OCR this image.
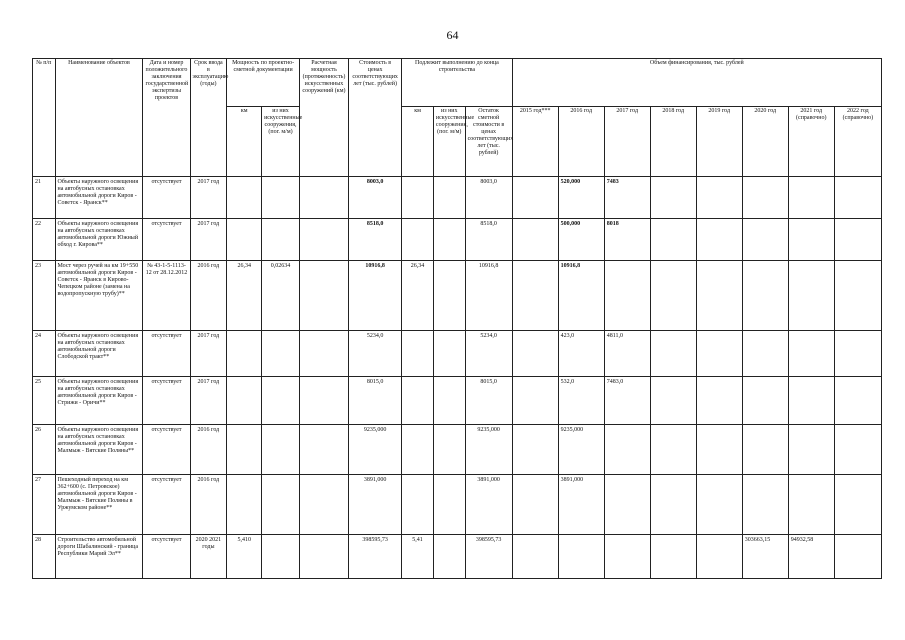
64
№ п/п	Наименование объектов	Дата и номер положительного заключения государственной экспертизы проектов	Срок ввода в эксплуатацию (годы)	Мощность по проектно-сметной документации		Расчетная мощность (протяженность) искусственных сооружений (км)	Стоимость в ценах соответствующих лет (тыс. рублей)	Подлежит выполнению до конца строительства			Объем финансирования, тыс. рублей							
				км	из них искусственные сооружения, (пог. м/м)			км	из них искусственные сооружения, (пог. м/м)	Остаток сметной стоимости в ценах соответствующих лет (тыс. рублей)	2015 год***	2016 год	2017 год	2018 год	2019 год	2020 год	2021 год (справочно)	2022 год (справочно)
21	Объекты наружного освещения на автобусных остановках автомобильной дороги Киров - Советск - Яранск**	отсутствует	2017 год				8003,0			8003,0		520,000	7483					
22	Объекты наружного освещения на автобусных остановках автомобильной дороги Южный обход г. Кирова**	отсутствует	2017 год				8518,0			8518,0		500,000	8018					
23	Мост через ручей на км 19+550 автомобильной дороги Киров - Советск - Яранск в Кирово-Чепецком районе (замена на водопропускную трубу)**	№ 43-1-5-1113-12 от 28.12.2012	2016 год	26,34	0,02634		10916,8	26,34		10916,8		10916,8						
24	Объекты наружного освещения на автобусных остановках автомобильной дороги Слободской тракт**	отсутствует	2017 год				5234,0			5234,0		423,0	4811,0					
25	Объекты наружного освещения на автобусных остановках автомобильной дороги Киров - Стрижи - Оричи**	отсутствует	2017 год				8015,0			8015,0		532,0	7483,0					
26	Объекты наружного освещения на автобусных остановках автомобильной дороги Киров - Малмыж - Вятские Поляны**	отсутствует	2016 год				9235,000			9235,000		9235,000						
27	Пешеходный переход на км 362+600 (с. Петровское) автомобильной дороги Киров - Малмыж - Вятские Поляны в Уржумском районе**	отсутствует	2016 год				3891,000			3891,000		3891,000						
28	Строительство автомобильной дороги Шабалинский - граница Республики Марий Эл**	отсутствует	2020 2021 годы	5,410			398595,73	5,41		398595,73						303663,15	94932,58	
